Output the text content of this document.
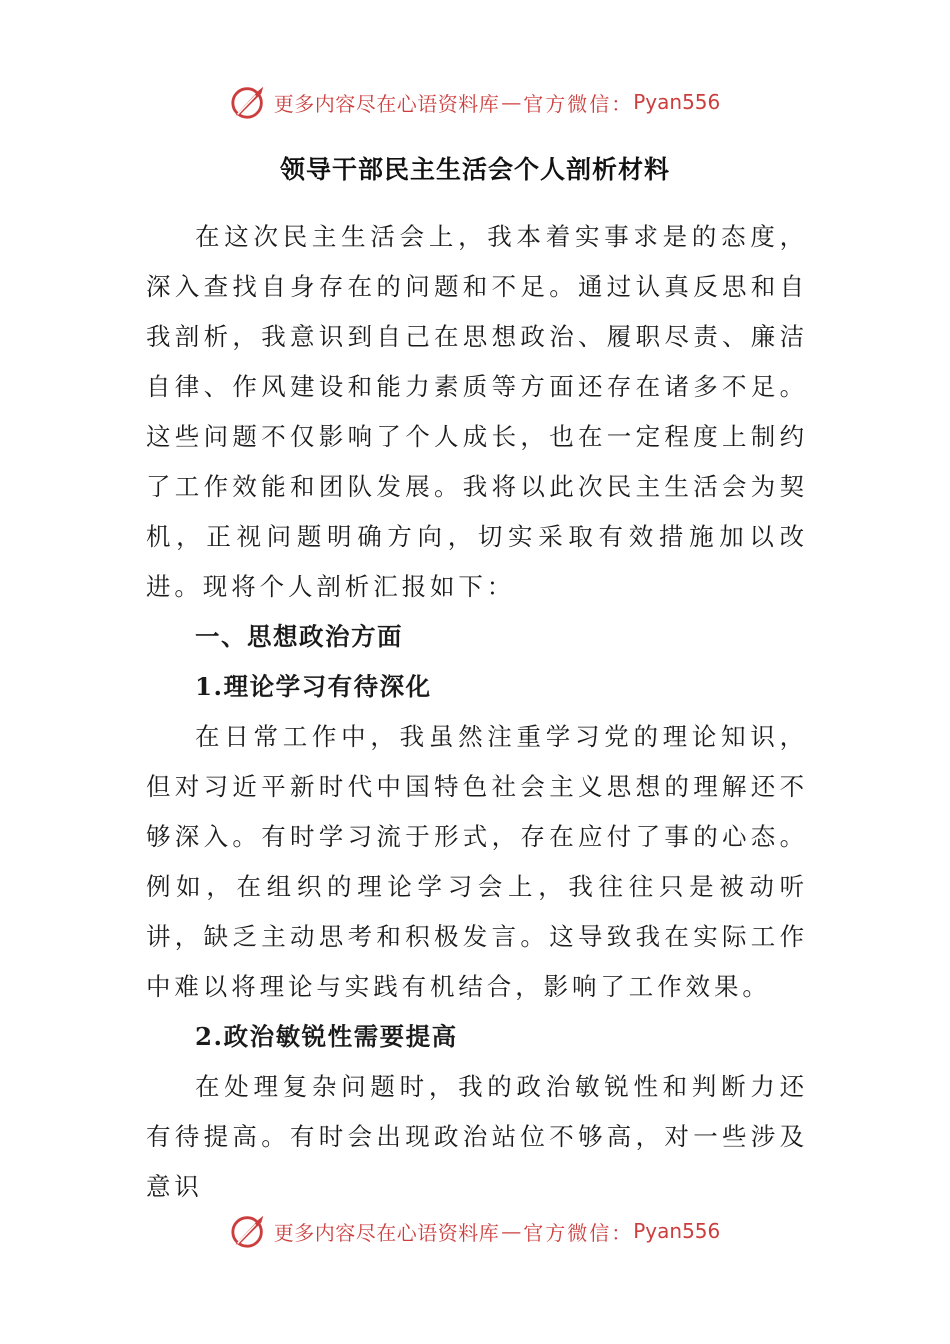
更多内容尽在心语资料库 — 官方微信： Pyan556
领导干部民主生活会个人剖析材料

在这次民主生活会上，我本着实事求是的态度，深入查找自身存在的问题和不足。通过认真反思和自我剖析，我意识到自己在思想政治、履职尽责、廉洁自律、作风建设和能力素质等方面还存在诸多不足。这些问题不仅影响了个人成长，也在一定程度上制约了工作效能和团队发展。我将以此次民主生活会为契机，正视问题明确方向，切实采取有效措施加以改进。现将个人剖析汇报如下：

一、思想政治方面

1.理论学习有待深化

在日常工作中，我虽然注重学习党的理论知识，但对习近平新时代中国特色社会主义思想的理解还不够深入。有时学习流于形式，存在应付了事的心态。例如，在组织的理论学习会上，我往往只是被动听讲，缺乏主动思考和积极发言。这导致我在实际工作中难以将理论与实践有机结合，影响了工作效果。

2.政治敏锐性需要提高

在处理复杂问题时，我的政治敏锐性和判断力还有待提高。有时会出现政治站位不够高，对一些涉及意识

更多内容尽在心语资料库 — 官方微信： Pyan556
